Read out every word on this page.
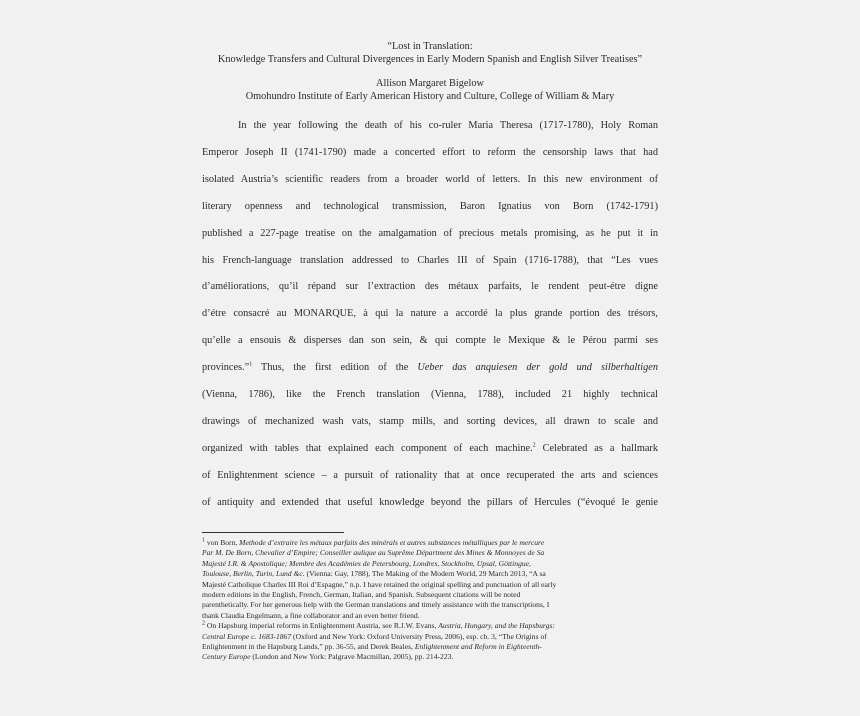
“Lost in Translation:
Knowledge Transfers and Cultural Divergences in Early Modern Spanish and English Silver Treatises”
Allison Margaret Bigelow
Omohundro Institute of Early American History and Culture, College of William & Mary
In the year following the death of his co-ruler Maria Theresa (1717-1780), Holy Roman
Emperor Joseph II (1741-1790) made a concerted effort to reform the censorship laws that had
isolated Austria’s scientific readers from a broader world of letters. In this new environment of
literary openness and technological transmission, Baron Ignatius von Born (1742-1791)
published a 227-page treatise on the amalgamation of precious metals promising, as he put it in
his French-language translation addressed to Charles III of Spain (1716-1788), that “Les vues
d’améliorations, qu’il répand sur l’extraction des métaux parfaits, le rendent peut-étre digne
d’étre consacré au MONARQUE, à qui la nature a accordé la plus grande portion des trésors,
qu’elle a ensouis & disperses dan son sein, & qui compte le Mexique & le Pérou parmi ses
provinces.”$^1$ Thus, the first edition of the Ueber das anquiesen der gold und silberhaltigen
(Vienna, 1786), like the French translation (Vienna, 1788), included 21 highly technical
drawings of mechanized wash vats, stamp mills, and sorting devices, all drawn to scale and
organized with tables that explained each component of each machine.$^2$ Celebrated as a hallmark
of Enlightenment science – a pursuit of rationality that at once recuperated the arts and sciences
of antiquity and extended that useful knowledge beyond the pillars of Hercules (“évoqué le genie
$^1$ von Born, Methode d’extraire les métaux parfaits des minérals et autres substances métalliques par le mercure
Par M. De Born, Chevalier d’Empire; Conseiller aulique au Suprême Départment des Mines & Monnoyes de Sa
Majesté I.R. & Apostolique; Membre des Académies de Petersbourg, Londres, Stockholm, Upsal, Göttingue,
Toulouse, Berlin, Turin, Lund &c. (Vienna: Gay, 1788), The Making of the Modern World, 29 March 2013, “A sa
Majesté Catholique Charles III Roi d’Espagne,” n.p. I have retained the original spelling and punctuation of all early
modern editions in the English, French, German, Italian, and Spanish. Subsequent citations will be noted
parenthetically. For her generous help with the German translations and timely assistance with the transcriptions, I
thank Claudia Engelmann, a fine collaborator and an even better friend.
$^2$ On Hapsburg imperial reforms in Enlightenment Austria, see R.J.W. Evans, Austria, Hungary, and the Hapsburgs:
Central Europe c. 1683-1867 (Oxford and New York: Oxford University Press, 2006), esp. ch. 3, “The Origins of
Enlightenment in the Hapsburg Lands,” pp. 36-55, and Derek Beales, Enlightenment and Reform in Eighteenth-
Century Europe (London and New York: Palgrave Macmillan, 2005), pp. 214-223.
